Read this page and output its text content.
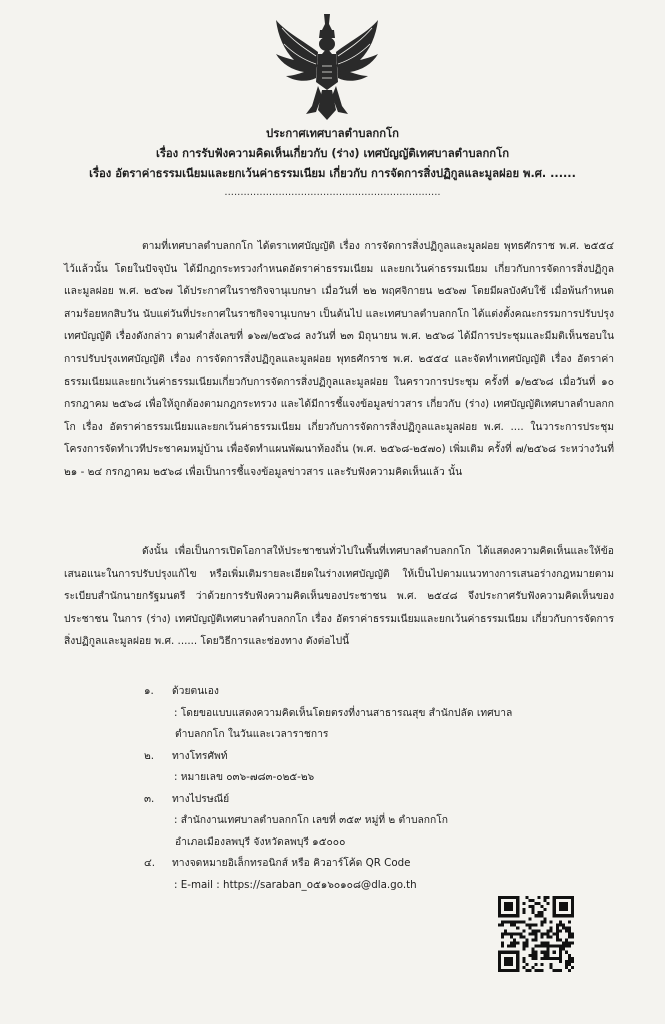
ประกาศเทศบาลตำบลกกโก
เรื่อง การรับฟังความคิดเห็นเกี่ยวกับ (ร่าง) เทศบัญญัติเทศบาลตำบลกกโก
เรื่อง อัตราค่าธรรมเนียมและยกเว้นค่าธรรมเนียม เกี่ยวกับ การจัดการสิ่งปฏิกูลและมูลฝอย พ.ศ. ......
....................................................................
ตามที่เทศบาลตำบลกกโก ได้ตราเทศบัญญัติ เรื่อง การจัดการสิ่งปฏิกูลและมูลฝอย พุทธศักราช พ.ศ. ๒๕๕๔ ไว้แล้วนั้น โดยในปัจจุบัน ได้มีกฎกระทรวงกำหนดอัตราค่าธรรมเนียม และยกเว้นค่าธรรมเนียม เกี่ยวกับการจัดการสิ่งปฏิกูลและมูลฝอย พ.ศ. ๒๕๖๗ ได้ประกาศในราชกิจจานุเบกษา เมื่อวันที่ ๒๒ พฤศจิกายน ๒๕๖๗ โดยมีผลบังคับใช้ เมื่อพ้นกำหนดสามร้อยหกสิบวัน นับแต่วันที่ประกาศในราชกิจจานุเบกษา เป็นต้นไป และเทศบาลตำบลกกโก ได้แต่งตั้งคณะกรรมการปรับปรุงเทศบัญญัติ เรื่องดังกล่าว ตามคำสั่งเลขที่ ๑๖๗/๒๕๖๘ ลงวันที่ ๒๓ มิถุนายน พ.ศ. ๒๕๖๘ ได้มีการประชุมและมีมติเห็นชอบในการปรับปรุงเทศบัญญัติ เรื่อง การจัดการสิ่งปฏิกูลและมูลฝอย พุทธศักราช พ.ศ. ๒๕๕๔ และจัดทำเทศบัญญัติ เรื่อง อัตราค่าธรรมเนียมและยกเว้นค่าธรรมเนียมเกี่ยวกับการจัดการสิ่งปฏิกูลและมูลฝอย ในคราวการประชุม ครั้งที่ ๑/๒๕๖๘ เมื่อวันที่ ๑๐ กรกฎาคม ๒๕๖๘ เพื่อให้ถูกต้องตามกฎกระทรวง และได้มีการชี้แจงข้อมูลข่าวสาร เกี่ยวกับ (ร่าง) เทศบัญญัติเทศบาลตำบลกกโก เรื่อง อัตราค่าธรรมเนียมและยกเว้นค่าธรรมเนียม เกี่ยวกับการจัดการสิ่งปฏิกูลและมูลฝอย พ.ศ. .... ในวาระการประชุมโครงการจัดทำเวทีประชาคมหมู่บ้าน เพื่อจัดทำแผนพัฒนาท้องถิ่น (พ.ศ. ๒๕๖๘-๒๕๗๐) เพิ่มเติม ครั้งที่ ๗/๒๕๖๘ ระหว่างวันที่ ๒๑ - ๒๔ กรกฎาคม ๒๕๖๘ เพื่อเป็นการชี้แจงข้อมูลข่าวสาร และรับฟังความคิดเห็นแล้ว นั้น
ดังนั้น เพื่อเป็นการเปิดโอกาสให้ประชาชนทั่วไปในพื้นที่เทศบาลตำบลกกโก ได้แสดงความคิดเห็นและให้ข้อเสนอแนะในการปรับปรุงแก้ไข หรือเพิ่มเติมรายละเอียดในร่างเทศบัญญัติ ให้เป็นไปตามแนวทางการเสนอร่างกฎหมายตามระเบียบสำนักนายกรัฐมนตรี ว่าด้วยการรับฟังความคิดเห็นของประชาชน พ.ศ. ๒๕๔๘ จึงประกาศรับฟังความคิดเห็นของประชาชน ในการ (ร่าง) เทศบัญญัติเทศบาลตำบลกกโก เรื่อง อัตราค่าธรรมเนียมและยกเว้นค่าธรรมเนียม เกี่ยวกับการจัดการสิ่งปฏิกูลและมูลฝอย พ.ศ. ...... โดยวิธีการและช่องทาง ดังต่อไปนี้
๑. ด้วยตนเอง
: โดยขอแบบแสดงความคิดเห็นโดยตรงที่งานสาธารณสุข สำนักปลัด เทศบาล
ตำบลกกโก ในวันและเวลาราชการ
๒. ทางโทรศัพท์
: หมายเลข ๐๓๖-๗๘๓-๐๒๕-๒๖
๓. ทางไปรษณีย์
: สำนักงานเทศบาลตำบลกกโก เลขที่ ๓๕๙ หมู่ที่ ๒ ตำบลกกโก
อำเภอเมืองลพบุรี จังหวัดลพบุรี ๑๕๐๐๐
๔. ทางจดหมายอิเล็กทรอนิกส์ หรือ คิวอาร์โค้ด QR Code
: E-mail : https://saraban_o๕๑๖๐๑๐๘@dla.go.th
